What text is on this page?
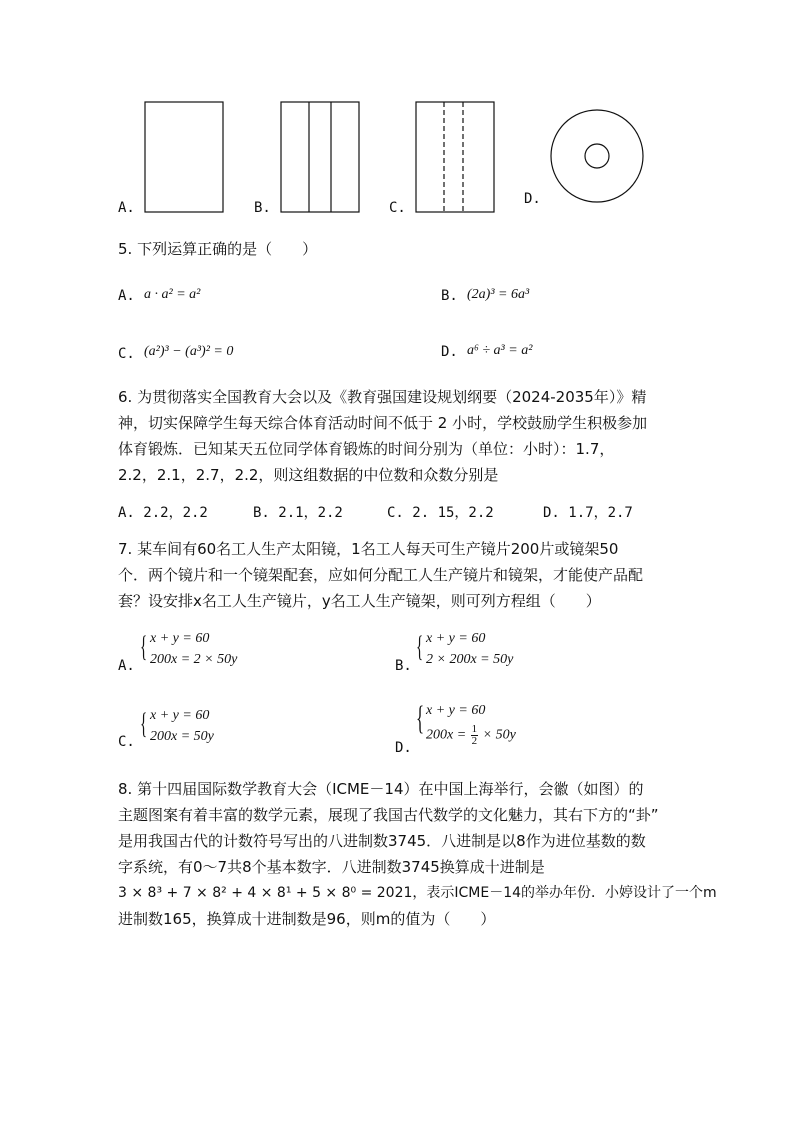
A.	B.	C.
D.
5. 下列运算正确的是（　　）
A. a · a² = a²	B. (2a)³ = 6a³
C. (a²)³ − (a³)² = 0	D. a⁶ ÷ a³ = a²
6. 为贯彻落实全国教育大会以及《教育强国建设规划纲要（2024-2035年）》精
神，切实保障学生每天综合体育活动时间不低于 2 小时，学校鼓励学生积极参加
体育锻炼．已知某天五位同学体育锻炼的时间分别为（单位：小时）：1.7，
2.2，2.1，2.7，2.2，则这组数据的中位数和众数分别是
A. 2.2，2.2	B. 2.1，2.2	C. 2. 15，2.2	D. 1.7，2.7
7. 某车间有60名工人生产太阳镜，1名工人每天可生产镜片200片或镜架50
个．两个镜片和一个镜架配套，应如何分配工人生产镜片和镜架，才能使产品配
套？设安排x名工人生产镜片，y名工人生产镜架，则可列方程组（　　）
A.
{ x + y = 60
200x = 2 × 50y	B.
{ x + y = 60
2 × 200x = 50y
C.
{ x + y = 60
200x = 50y
D.
{ x + y = 60
$200x = \frac{1}{2} \times 50y$
8. 第十四届国际数学教育大会（ICME－14）在中国上海举行，会徽（如图）的
主题图案有着丰富的数学元素，展现了我国古代数学的文化魅力，其右下方的“卦”
是用我国古代的计数符号写出的八进制数3745．八进制是以8作为进位基数的数
字系统，有0～7共8个基本数字．八进制数3745换算成十进制是
3 × 8³ + 7 × 8² + 4 × 8¹ + 5 × 8⁰ = 2021，表示ICME－14的举办年份．小婷设计了一个m
进制数165，换算成十进制数是96，则m的值为（　　）
